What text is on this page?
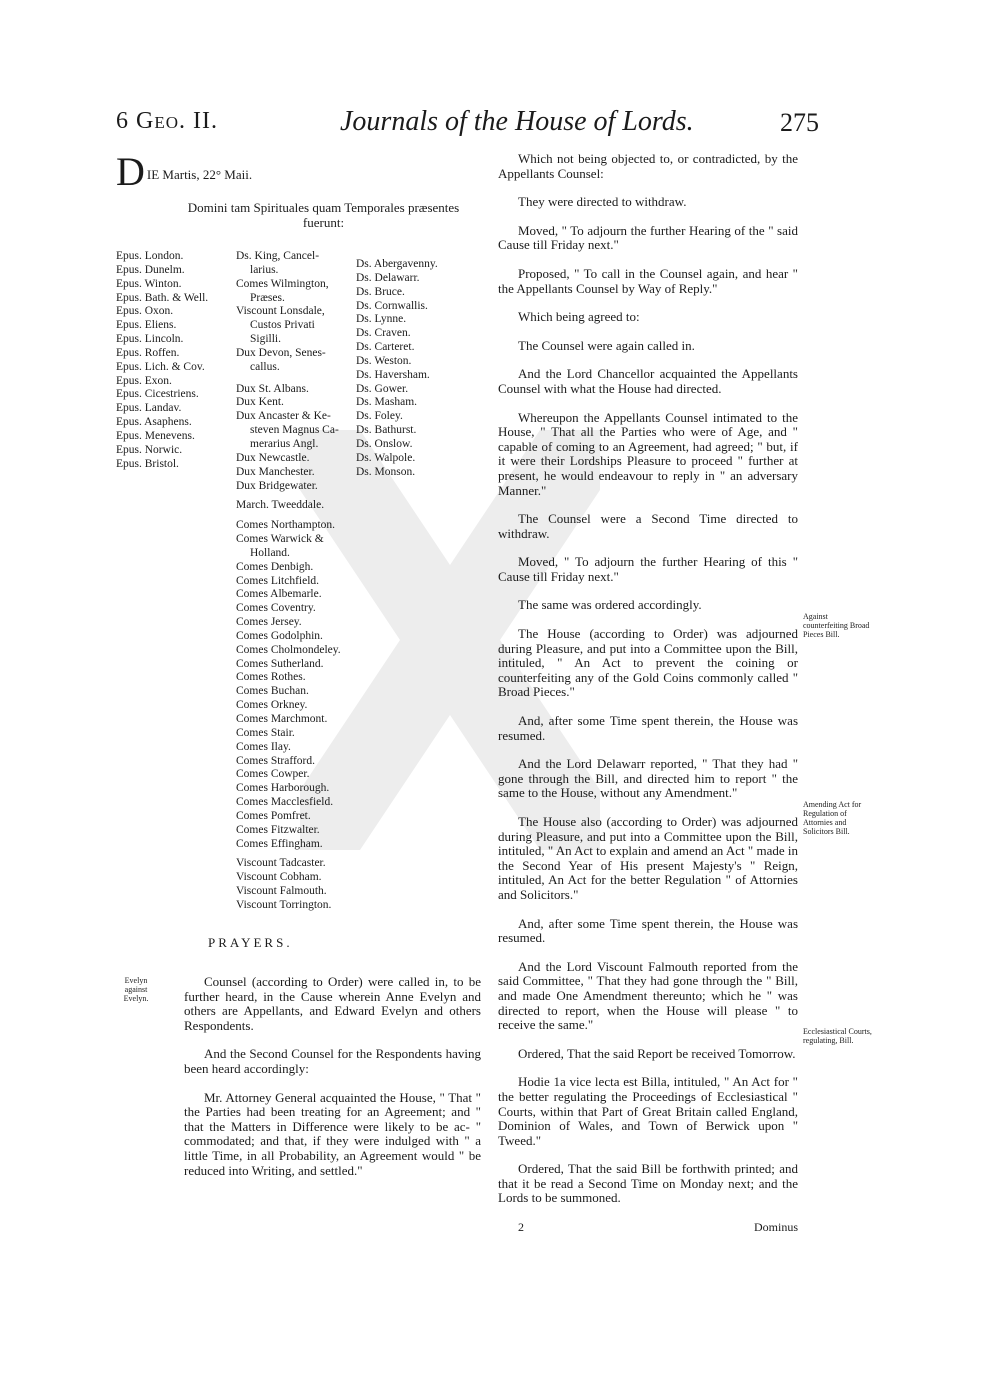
6 Geo. II.	Journals of the House of Lords.	275
DIE Martis, 22° Maii.
Domini tam Spirituales quam Temporales præsentes fuerunt:
Epus. London.
Epus. Dunelm.
Epus. Winton.
Epus. Bath. & Well.
Epus. Oxon.
Epus. Eliens.
Epus. Lincoln.
Epus. Roffen.
Epus. Lich. & Cov.
Epus. Exon.
Epus. Cicestriens.
Epus. Landav.
Epus. Asaphens.
Epus. Menevens.
Epus. Norwic.
Epus. Bristol.
Ds. King, Cancel-
larius.
Comes Wilmington,
Præses.
Viscount Lonsdale,
Custos Privati
Sigilli.
Dux Devon, Senes-
callus.
Dux St. Albans.
Dux Kent.
Dux Ancaster & Ke-
steven Magnus Ca-
merarius Angl.
Dux Newcastle.
Dux Manchester.
Dux Bridgewater.
March. Tweeddale.
Comes Northampton.
Comes Warwick &
Holland.
Comes Denbigh.
Comes Litchfield.
Comes Albemarle.
Comes Coventry.
Comes Jersey.
Comes Godolphin.
Comes Cholmondeley.
Comes Sutherland.
Comes Rothes.
Comes Buchan.
Comes Orkney.
Comes Marchmont.
Comes Stair.
Comes Ilay.
Comes Strafford.
Comes Cowper.
Comes Harborough.
Comes Macclesfield.
Comes Pomfret.
Comes Fitzwalter.
Comes Effingham.
Viscount Tadcaster.
Viscount Cobham.
Viscount Falmouth.
Viscount Torrington.
Ds. Abergavenny.
Ds. Delawarr.
Ds. Bruce.
Ds. Cornwallis.
Ds. Lynne.
Ds. Craven.
Ds. Carteret.
Ds. Weston.
Ds. Haversham.
Ds. Gower.
Ds. Masham.
Ds. Foley.
Ds. Bathurst.
Ds. Onslow.
Ds. Walpole.
Ds. Monson.
PRAYERS.
Evelyn against Evelyn.

Counsel (according to Order) were called in, to be further heard, in the Cause wherein Anne Evelyn and others are Appellants, and Edward Evelyn and others Respondents.

And the Second Counsel for the Respondents having been heard accordingly:

Mr. Attorney General acquainted the House, " That " the Parties had been treating for an Agreement; and " that the Matters in Difference were likely to be ac- " commodated; and that, if they were indulged with " a little Time, in all Probability, an Agreement would " be reduced into Writing, and settled."

Which not being objected to, or contradicted, by the Appellants Counsel:

They were directed to withdraw.

Moved, " To adjourn the further Hearing of the " said Cause till Friday next."

Proposed, " To call in the Counsel again, and hear " the Appellants Counsel by Way of Reply."

Which being agreed to:

The Counsel were again called in.

And the Lord Chancellor acquainted the Appellants Counsel with what the House had directed.

Whereupon the Appellants Counsel intimated to the House, " That all the Parties who were of Age, and " capable of coming to an Agreement, had agreed; " but, if it were their Lordships Pleasure to proceed " further at present, he would endeavour to reply in " an adversary Manner."

The Counsel were a Second Time directed to withdraw.

Moved, " To adjourn the further Hearing of this " Cause till Friday next."

The same was ordered accordingly.

The House (according to Order) was adjourned during Pleasure, and put into a Committee upon the Bill, intituled, " An Act to prevent the coining or counterfeiting any of the Gold Coins commonly called " Broad Pieces."

And, after some Time spent therein, the House was resumed.

And the Lord Delawarr reported, " That they had " gone through the Bill, and directed him to report " the same to the House, without any Amendment."

The House also (according to Order) was adjourned during Pleasure, and put into a Committee upon the Bill, intituled, " An Act to explain and amend an Act " made in the Second Year of His present Majesty's " Reign, intituled, An Act for the better Regulation " of Attornies and Solicitors."

And, after some Time spent therein, the House was resumed.

And the Lord Viscount Falmouth reported from the said Committee, " That they had gone through the " Bill, and made One Amendment thereunto; which he " was directed to report, when the House will please " to receive the same."

Ordered, That the said Report be received Tomorrow.

Hodie 1a vice lecta est Billa, intituled, " An Act for " the better regulating the Proceedings of Ecclesiastical " Courts, within that Part of Great Britain called England, Dominion of Wales, and Town of Berwick upon " Tweed."

Ordered, That the said Bill be forthwith printed; and that it be read a Second Time on Monday next; and the Lords to be summoned.

2	Dominus
Against counterfeiting Broad Pieces Bill.
Amending Act for Regulation of Attornies and Solicitors Bill.
Ecclesiastical Courts, regulating, Bill.
